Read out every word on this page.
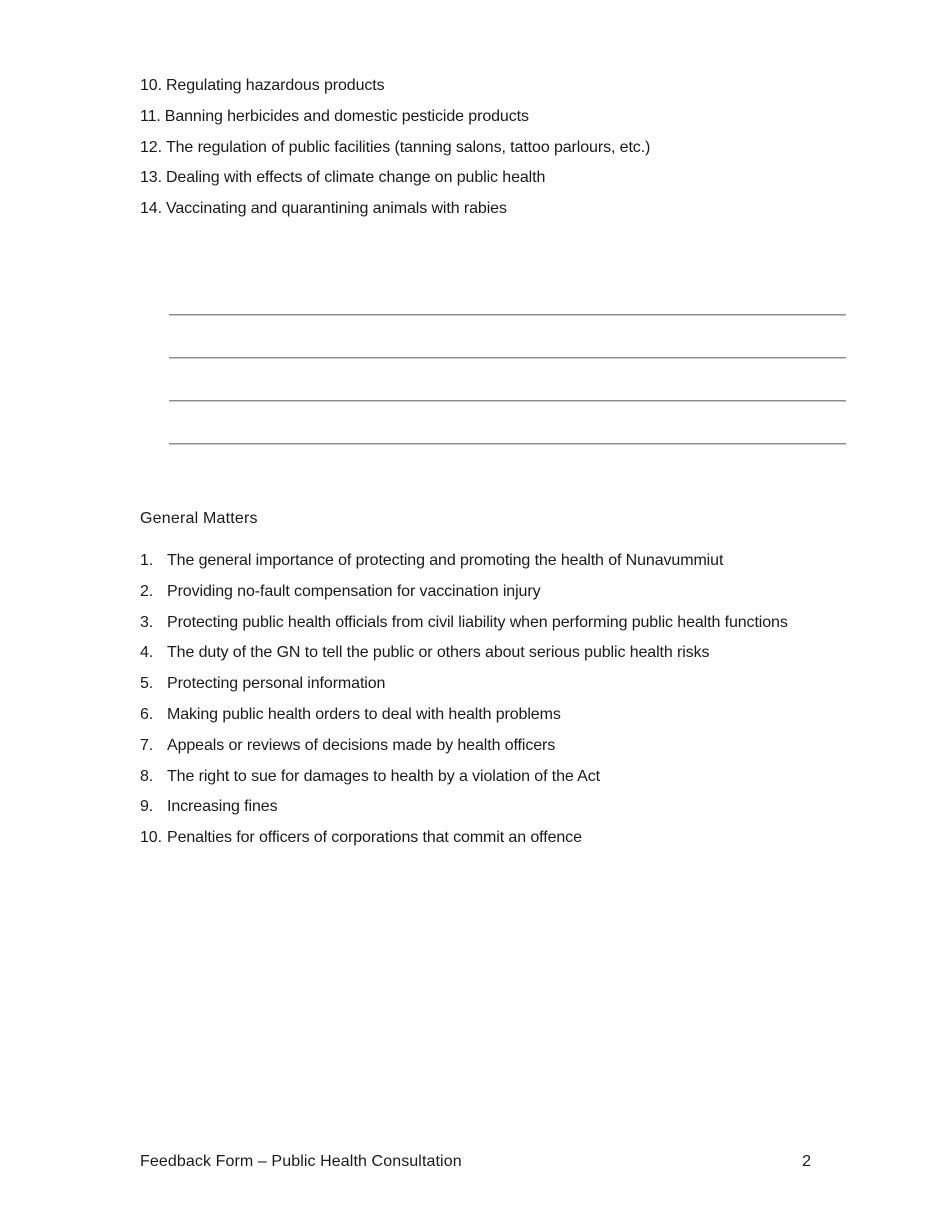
10. Regulating hazardous products
11. Banning herbicides and domestic pesticide products
12. The regulation of public facilities (tanning salons, tattoo parlours, etc.)
13. Dealing with effects of climate change on public health
14. Vaccinating and quarantining animals with rabies
General Matters
1. The general importance of protecting and promoting the health of Nunavummiut
2. Providing no-fault compensation for vaccination injury
3. Protecting public health officials from civil liability when performing public health functions
4. The duty of the GN to tell the public or others about serious public health risks
5. Protecting personal information
6. Making public health orders to deal with health problems
7. Appeals or reviews of decisions made by health officers
8. The right to sue for damages to health by a violation of the Act
9. Increasing fines
10. Penalties for officers of corporations that commit an offence
Feedback Form – Public Health Consultation	2
